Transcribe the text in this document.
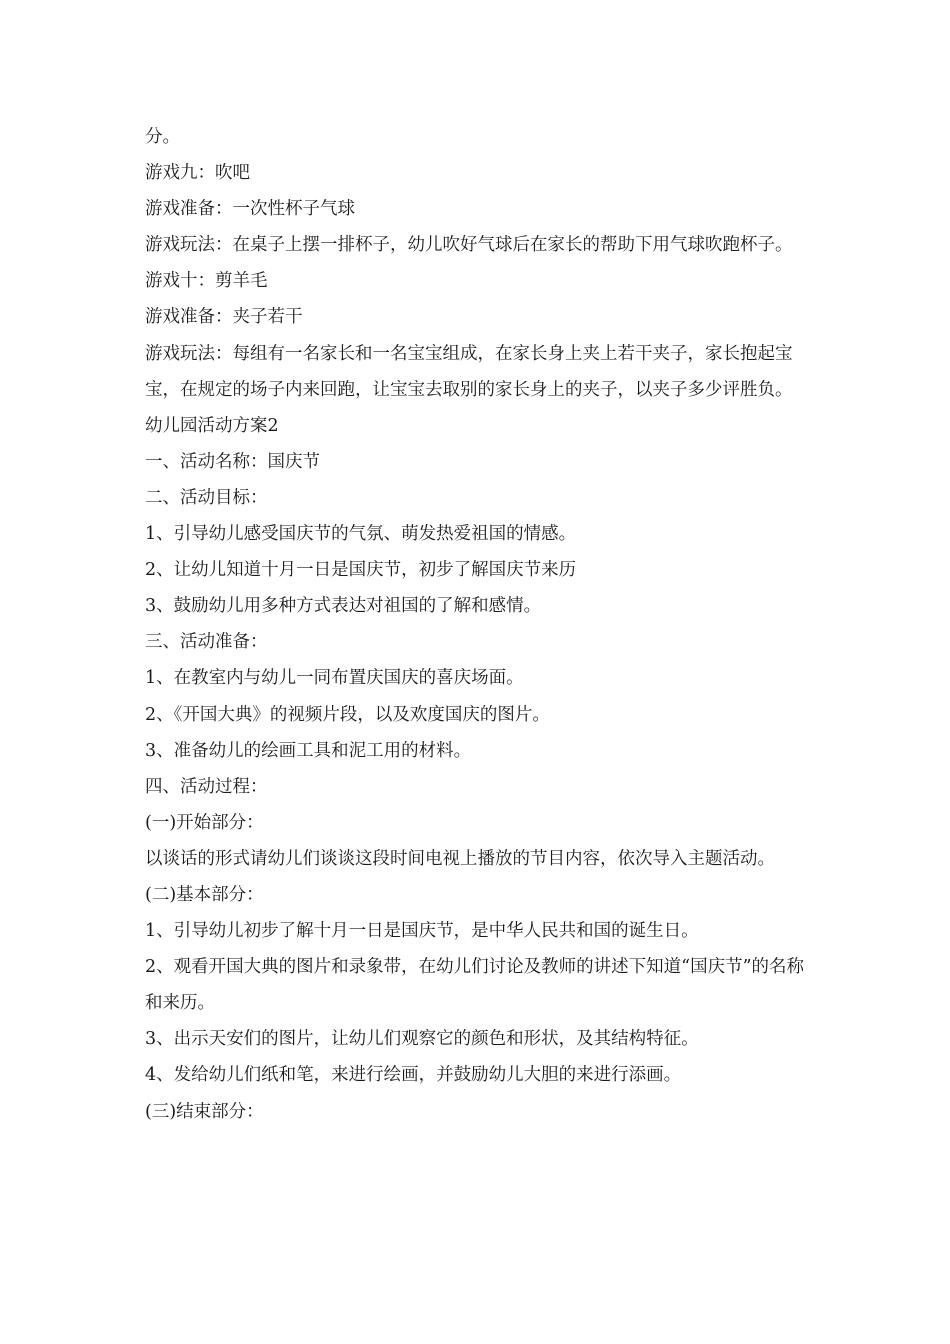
分。

游戏九：吹吧

游戏准备：一次性杯子气球

游戏玩法：在桌子上摆一排杯子，幼儿吹好气球后在家长的帮助下用气球吹跑杯子。

游戏十：剪羊毛

游戏准备：夹子若干

游戏玩法：每组有一名家长和一名宝宝组成，在家长身上夹上若干夹子，家长抱起宝宝，在规定的场子内来回跑，让宝宝去取别的家长身上的夹子，以夹子多少评胜负。

幼儿园活动方案2

一、活动名称：国庆节

二、活动目标：

1、引导幼儿感受国庆节的气氛、萌发热爱祖国的情感。

2、让幼儿知道十月一日是国庆节，初步了解国庆节来历

3、鼓励幼儿用多种方式表达对祖国的了解和感情。

三、活动准备：

1、在教室内与幼儿一同布置庆国庆的喜庆场面。

2、《开国大典》的视频片段，以及欢度国庆的图片。

3、准备幼儿的绘画工具和泥工用的材料。

四、活动过程：

(一)开始部分：

以谈话的形式请幼儿们谈谈这段时间电视上播放的节目内容，依次导入主题活动。

(二)基本部分：

1、引导幼儿初步了解十月一日是国庆节，是中华人民共和国的诞生日。

2、观看开国大典的图片和录象带，在幼儿们讨论及教师的讲述下知道“国庆节”的名称和来历。

3、出示天安们的图片，让幼儿们观察它的颜色和形状，及其结构特征。

4、发给幼儿们纸和笔，来进行绘画，并鼓励幼儿大胆的来进行添画。

(三)结束部分：
